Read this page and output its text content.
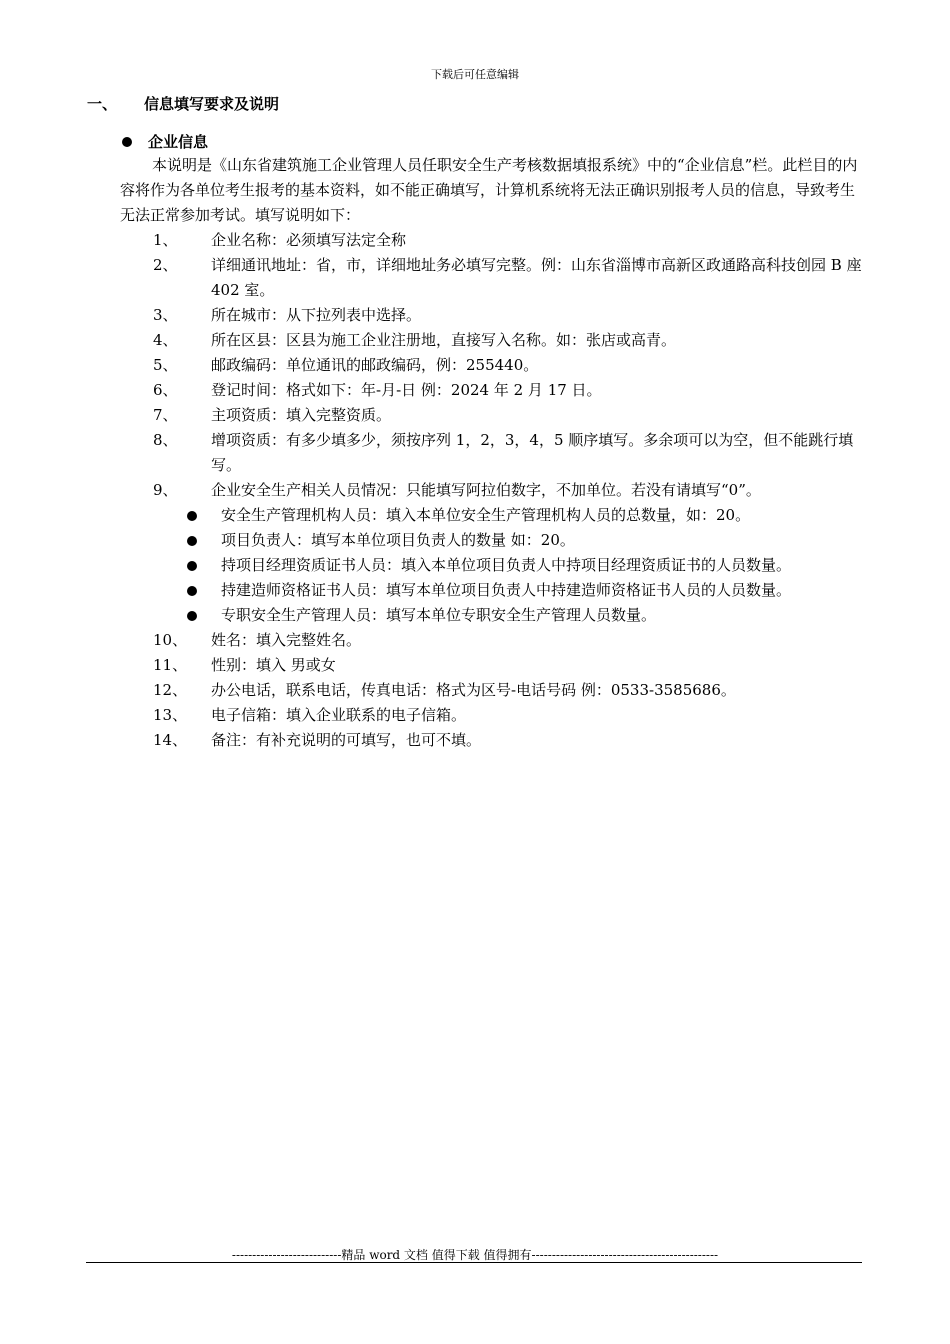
下载后可任意编辑
一、	信息填写要求及说明
企业信息
本说明是《山东省建筑施工企业管理人员任职安全生产考核数据填报系统》中的“企业信息”栏。此栏目的内容将作为各单位考生报考的基本资料，如不能正确填写，计算机系统将无法正确识别报考人员的信息，导致考生无法正常参加考试。填写说明如下：
1、	企业名称：必须填写法定全称
2、	详细通讯地址：省，市，详细地址务必填写完整。例：山东省淄博市高新区政通路高科技创园 B 座 402 室。
3、	所在城市：从下拉列表中选择。
4、	所在区县：区县为施工企业注册地，直接写入名称。如：张店或高青。
5、	邮政编码：单位通讯的邮政编码，例：255440。
6、	登记时间：格式如下：年-月-日 例：2024 年 2 月 17 日。
7、	主项资质：填入完整资质。
8、	增项资质：有多少填多少，须按序列 1，2，3，4，5 顺序填写。多余项可以为空，但不能跳行填写。
9、	企业安全生产相关人员情况：只能填写阿拉伯数字，不加单位。若没有请填写“0”。
安全生产管理机构人员：填入本单位安全生产管理机构人员的总数量，如：20。
项目负责人：填写本单位项目负责人的数量 如：20。
持项目经理资质证书人员：填入本单位项目负责人中持项目经理资质证书的人员数量。
持建造师资格证书人员：填写本单位项目负责人中持建造师资格证书人员的人员数量。
专职安全生产管理人员：填写本单位专职安全生产管理人员数量。
10、	姓名：填入完整姓名。
11、	性别：填入 男或女
12、	办公电话，联系电话，传真电话：格式为区号-电话号码 例：0533-3585686。
13、	电子信箱：填入企业联系的电子信箱。
14、	备注：有补充说明的可填写，也可不填。
---------------------------精品 word 文档 值得下载 值得拥有----------------------------------------------
